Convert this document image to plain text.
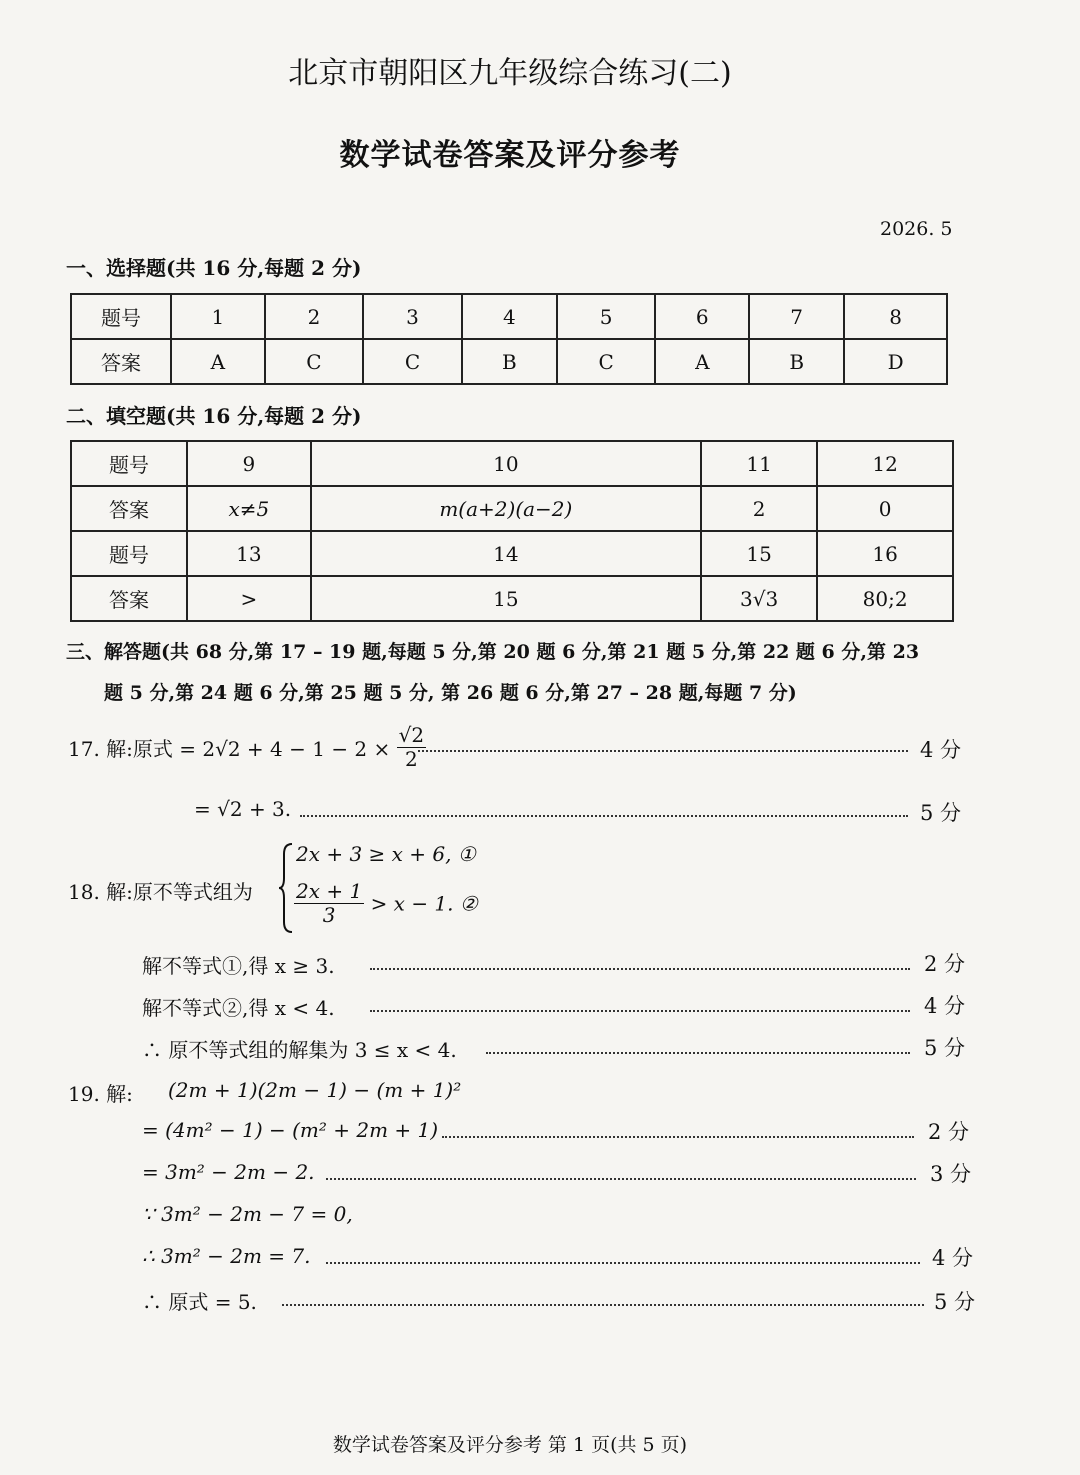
北京市朝阳区九年级综合练习(二)
数学试卷答案及评分参考
2026. 5
一、选择题(共 16 分,每题 2 分)
题号	1	2	3	4	5	6	7	8
答案	A	C	C	B	C	A	B	D
二、填空题(共 16 分,每题 2 分)
题号	9	10	11	12
答案	x≠5	m(a+2)(a−2)	2	0
题号	13	14	15	16
答案	>	15	3√3	80;2
三、解答题(共 68 分,第 17 – 19 题,每题 5 分,第 20 题 6 分,第 21 题 5 分,第 22 题 6 分,第 23
题 5 分,第 24 题 6 分,第 25 题 5 分, 第 26 题 6 分,第 27 – 28 题,每题 7 分)
17. 解:原式 = $2√2 + 4 - 1 - 2 \times \frac{√2}{2}$	4 分
= √2 + 3.	5 分
18. 解:原不等式组为
2x + 3 ≥ x + 6, ①
$\frac{2x + 1}{3} > x - 1$. ②
解不等式①,得 x ≥ 3.	2 分
解不等式②,得 x < 4.	4 分
∴ 原不等式组的解集为 3 ≤ x < 4.	5 分
19. 解: (2m + 1)(2m − 1) − (m + 1)²
= (4m² − 1) − (m² + 2m + 1)	2 分
= 3m² − 2m − 2.	3 分
∵ 3m² − 2m − 7 = 0,
∴ 3m² − 2m = 7.	4 分
∴ 原式 = 5.	5 分
数学试卷答案及评分参考 第 1 页(共 5 页)
